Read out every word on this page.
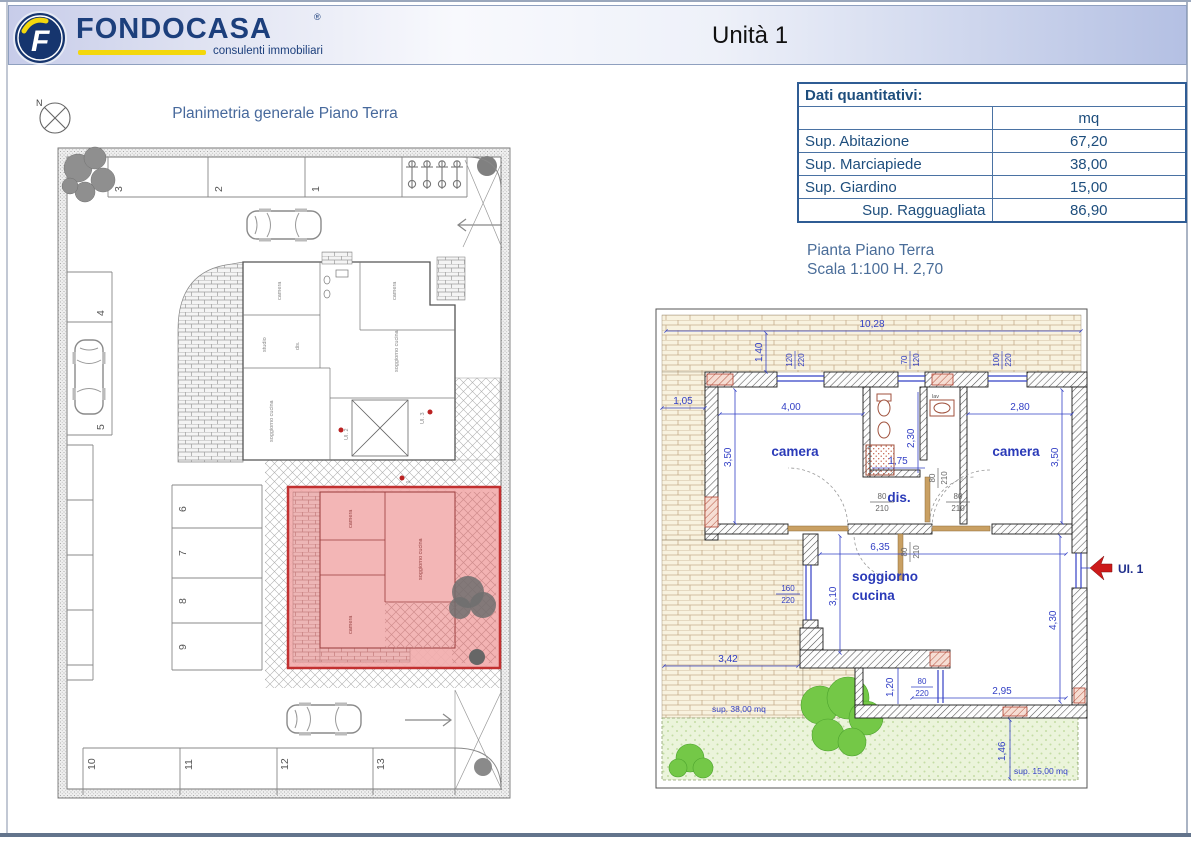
Planimetria generale Piano Terra
N
3	2	1
4
5
6
7
8
9
10	11	12	13
camera	camera
studio	dis.	soggiorno cucina
soggiorno cucina	UI. 2
UI. 3
camera
soggiorno cucina
camera
lav
camera	camera
dis.
soggiorno
cucina
10,28
1,40
1,05
4,00	2,80
2,30
1,75
3,50	3,50
6,35
3,10
4,30
3,42
1,20	2,95
1,46
120 220	70 120	100 220
160
220
80
220
80
210
80
210
80 210
80 210
sup. 38,00 mq
sup. 15,00 mq
UI. 1
F FONDOCASA	®
consulenti immobiliari
Unità 1
Dati quantitativi:	
	mq
Sup. Abitazione	67,20
Sup. Marciapiede	38,00
Sup. Giardino	15,00
Sup. Ragguagliata	86,90
Pianta Piano Terra
Scala 1:100 H. 2,70
